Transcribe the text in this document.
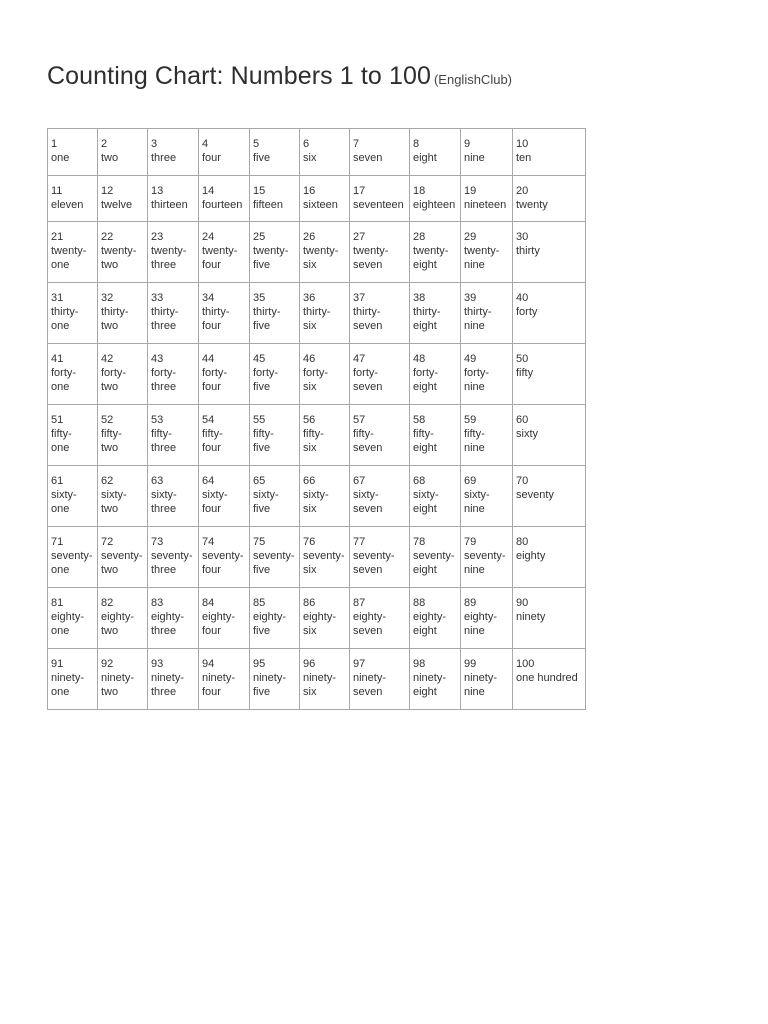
Counting Chart: Numbers 1 to 100 (EnglishClub)
1
one	2
two	3
three	4
four	5
five	6
six	7
seven	8
eight	9
nine	10
ten

11
eleven	12
twelve	13
thirteen	14
fourteen	15
fifteen	16
sixteen	17
seventeen	18
eighteen	19
nineteen	20
twenty

21
twenty-
one	22
twenty-
two	23
twenty-
three	24
twenty-
four	25
twenty-
five	26
twenty-
six	27
twenty-
seven	28
twenty-
eight	29
twenty-
nine	30
thirty

31
thirty-
one	32
thirty-
two	33
thirty-
three	34
thirty-
four	35
thirty-
five	36
thirty-
six	37
thirty-
seven	38
thirty-
eight	39
thirty-
nine	40
forty

41
forty-
one	42
forty-
two	43
forty-
three	44
forty-
four	45
forty-
five	46
forty-
six	47
forty-
seven	48
forty-
eight	49
forty-
nine	50
fifty

51
fifty-
one	52
fifty-
two	53
fifty-
three	54
fifty-
four	55
fifty-
five	56
fifty-
six	57
fifty-
seven	58
fifty-
eight	59
fifty-
nine	60
sixty

61
sixty-
one	62
sixty-
two	63
sixty-
three	64
sixty-
four	65
sixty-
five	66
sixty-
six	67
sixty-
seven	68
sixty-
eight	69
sixty-
nine	70
seventy

71
seventy-
one	72
seventy-
two	73
seventy-
three	74
seventy-
four	75
seventy-
five	76
seventy-
six	77
seventy-
seven	78
seventy-
eight	79
seventy-
nine	80
eighty

81
eighty-
one	82
eighty-
two	83
eighty-
three	84
eighty-
four	85
eighty-
five	86
eighty-
six	87
eighty-
seven	88
eighty-
eight	89
eighty-
nine	90
ninety

91
ninety-
one	92
ninety-
two	93
ninety-
three	94
ninety-
four	95
ninety-
five	96
ninety-
six	97
ninety-
seven	98
ninety-
eight	99
ninety-
nine	100
one hundred
